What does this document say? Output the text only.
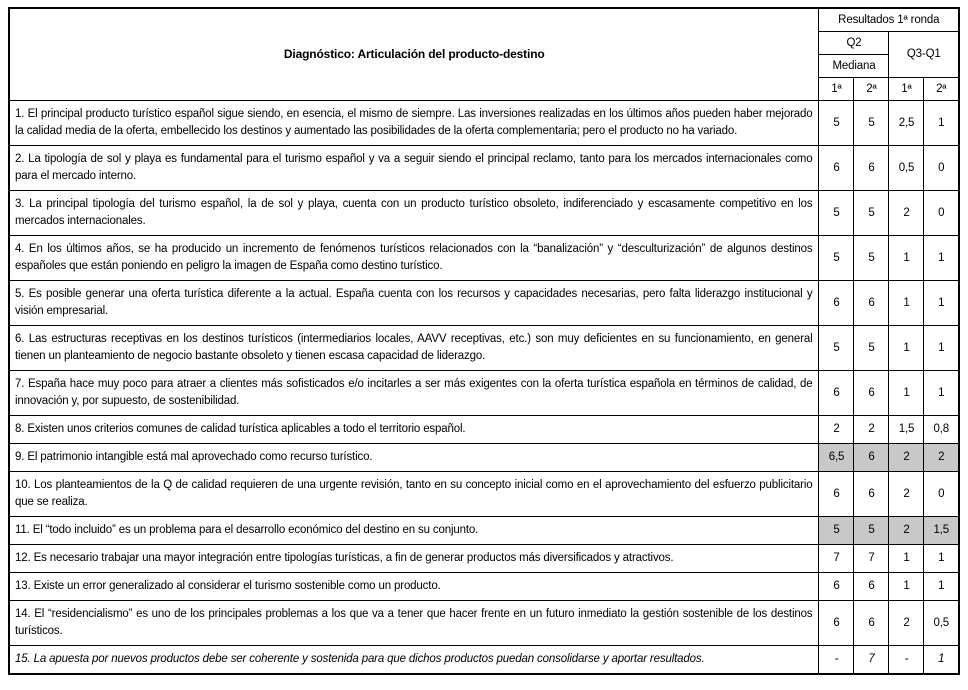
Diagnóstico: Articulación del producto-destino	Resultados 1ª ronda			
	Q2		Q3-Q1	
	Mediana			
	1ª	2ª	1ª	2ª
1. El principal producto turístico español sigue siendo, en esencia, el mismo de siempre. Las inversiones realizadas en los últimos años pueden haber mejorado la calidad media de la oferta, embellecido los destinos y aumentado las posibilidades de la oferta complementaria; pero el producto no ha variado.	5	5	2,5	1
2. La tipología de sol y playa es fundamental para el turismo español y va a seguir siendo el principal reclamo, tanto para los mercados internacionales como para el mercado interno.	6	6	0,5	0
3. La principal tipología del turismo español, la de sol y playa, cuenta con un producto turístico obsoleto, indiferenciado y escasamente competitivo en los mercados internacionales.	5	5	2	0
4. En los últimos años, se ha producido un incremento de fenómenos turísticos relacionados con la “banalización” y “desculturización” de algunos destinos españoles que están poniendo en peligro la imagen de España como destino turístico.	5	5	1	1
5. Es posible generar una oferta turística diferente a la actual. España cuenta con los recursos y capacidades necesarias, pero falta liderazgo institucional y visión empresarial.	6	6	1	1
6. Las estructuras receptivas en los destinos turísticos (intermediarios locales, AAVV receptivas, etc.) son muy deficientes en su funcionamiento, en general tienen un planteamiento de negocio bastante obsoleto y tienen escasa capacidad de liderazgo.	5	5	1	1
7. España hace muy poco para atraer a clientes más sofisticados e/o incitarles a ser más exigentes con la oferta turística española en términos de calidad, de innovación y, por supuesto, de sostenibilidad.	6	6	1	1
8. Existen unos criterios comunes de calidad turística aplicables a todo el territorio español.	2	2	1,5	0,8
9. El patrimonio intangible está mal aprovechado como recurso turístico.	6,5	6	2	2
10. Los planteamientos de la Q de calidad requieren de una urgente revisión, tanto en su concepto inicial como en el aprovechamiento del esfuerzo publicitario que se realiza.	6	6	2	0
11. El “todo incluido” es un problema para el desarrollo económico del destino en su conjunto.	5	5	2	1,5
12. Es necesario trabajar una mayor integración entre tipologías turísticas, a fin de generar productos más diversificados y atractivos.	7	7	1	1
13. Existe un error generalizado al considerar el turismo sostenible como un producto.	6	6	1	1
14. El “residencialismo” es uno de los principales problemas a los que va a tener que hacer frente en un futuro inmediato la gestión sostenible de los destinos turísticos.	6	6	2	0,5
15. La apuesta por nuevos productos debe ser coherente y sostenida para que dichos productos puedan consolidarse y aportar resultados.	-	7	-	1
